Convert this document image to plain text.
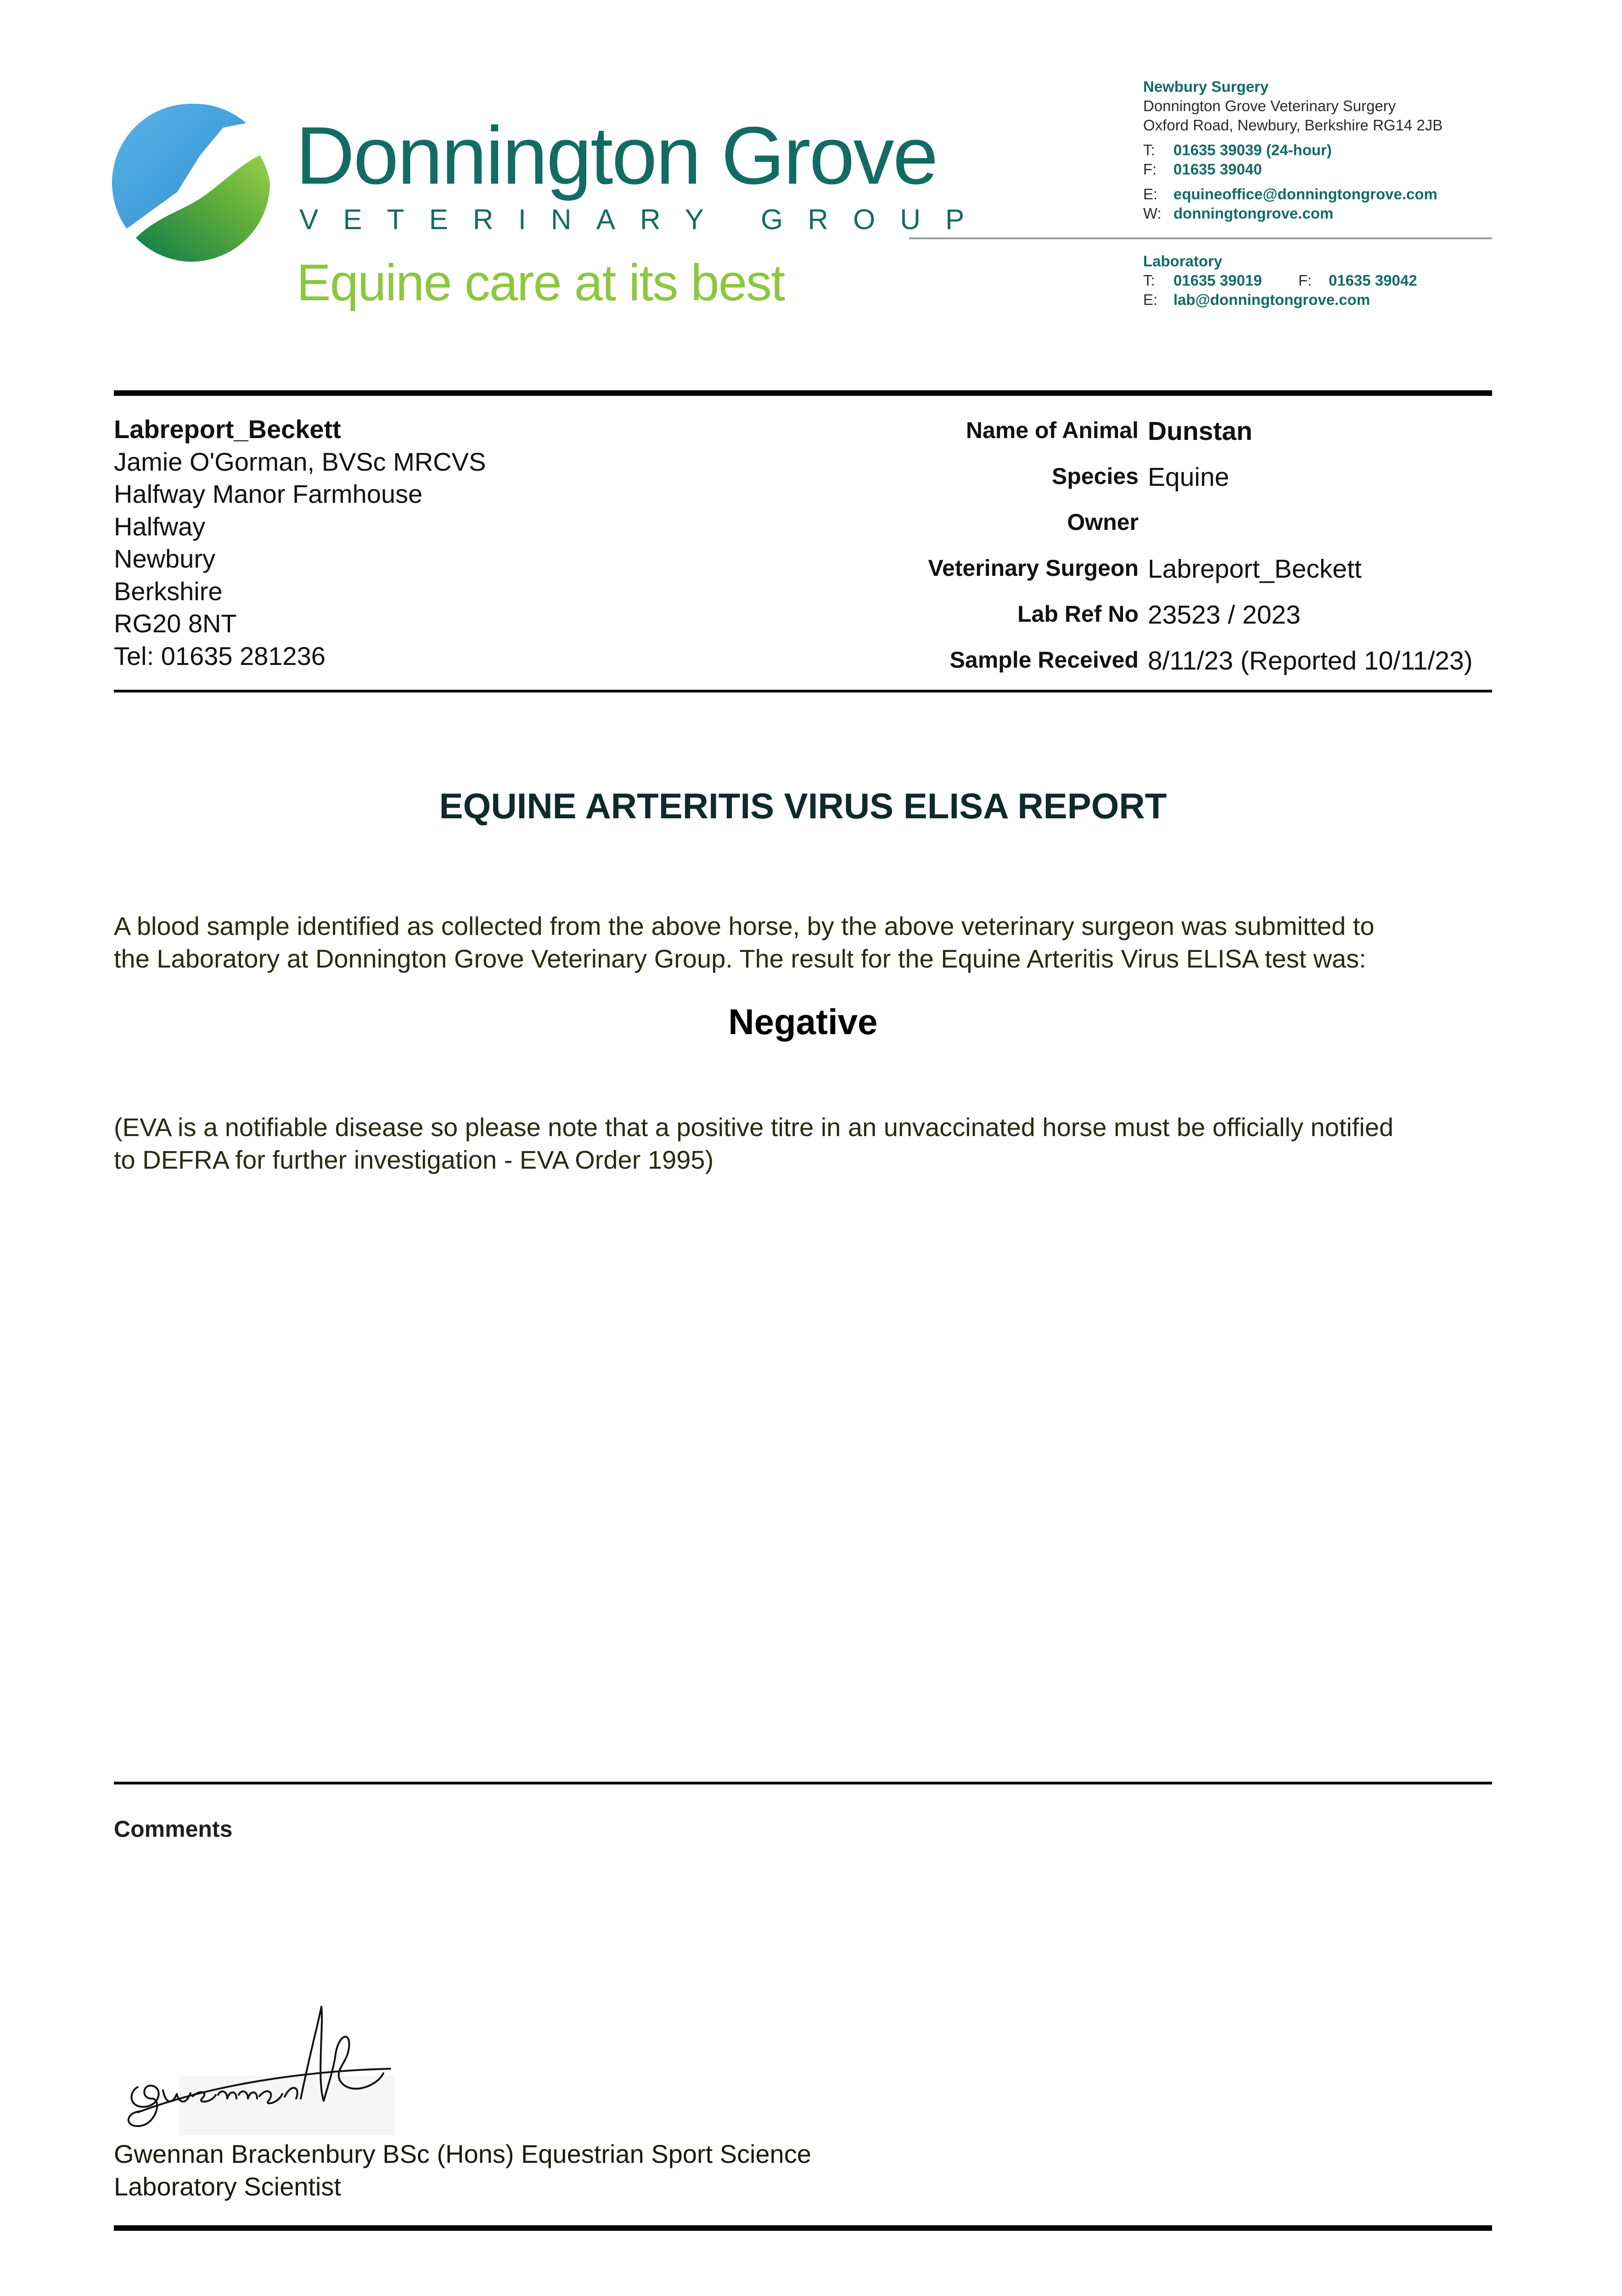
Donnington Grove
VETERINARY GROUP
Equine care at its best
Newbury Surgery
Donnington Grove Veterinary Surgery
Oxford Road, Newbury, Berkshire RG14 2JB
T: 01635 39039 (24-hour)
F: 01635 39040
E: equineoffice@donningtongrove.com
W: donningtongrove.com
Laboratory
T: 01635 39019 F: 01635 39042
E: lab@donningtongrove.com
Labreport_Beckett
Jamie O'Gorman, BVSc MRCVS
Halfway Manor Farmhouse
Halfway
Newbury
Berkshire
RG20 8NT
Tel: 01635 281236
Name of Animal Dunstan
Species Equine
Owner
Veterinary Surgeon Labreport_Beckett
Lab Ref No 23523 / 2023
Sample Received 8/11/23 (Reported 10/11/23)
EQUINE ARTERITIS VIRUS ELISA REPORT
A blood sample identified as collected from the above horse, by the above veterinary surgeon was submitted to
the Laboratory at Donnington Grove Veterinary Group. The result for the Equine Arteritis Virus ELISA test was:
Negative
(EVA is a notifiable disease so please note that a positive titre in an unvaccinated horse must be officially notified
to DEFRA for further investigation - EVA Order 1995)
Comments
Gwennan Brackenbury BSc (Hons) Equestrian Sport Science
Laboratory Scientist
